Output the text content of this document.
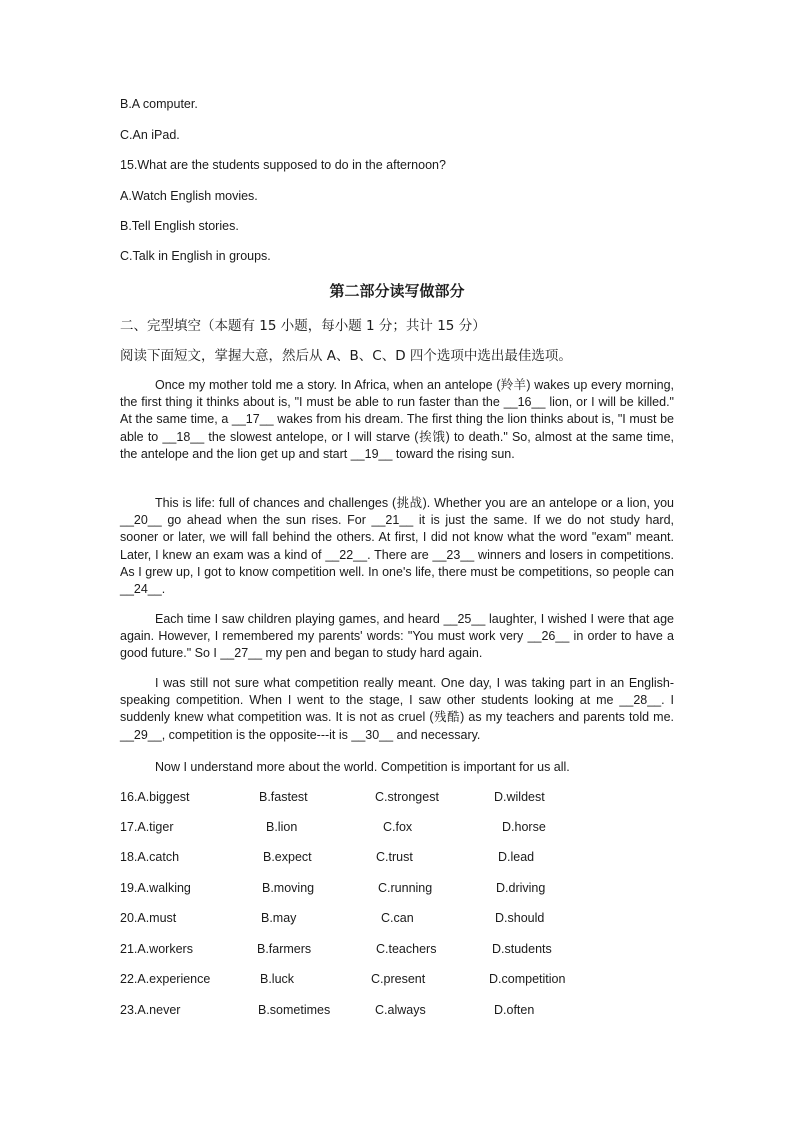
B.A computer.
C.An iPad.
15.What are the students supposed to do in the afternoon?
A.Watch English movies.
B.Tell English stories.
C.Talk in English in groups.
第二部分读写做部分
二、完型填空（本题有 15 小题，每小题 1 分；共计 15 分）
阅读下面短文，掌握大意，然后从 A、B、C、D 四个选项中选出最佳选项。

Once my mother told me a story. In Africa, when an antelope (羚羊) wakes up every morning, the first thing it thinks about is, "I must be able to run faster than the __16__ lion, or I will be killed." At the same time, a __17__ wakes from his dream. The first thing the lion thinks about is, "I must be able to __18__ the slowest antelope, or I will starve (挨饿) to death." So, almost at the same time, the antelope and the lion get up and start __19__ toward the rising sun.

This is life: full of chances and challenges (挑战). Whether you are an antelope or a lion, you __20__ go ahead when the sun rises. For __21__ it is just the same. If we do not study hard, sooner or later, we will fall behind the others. At first, I did not know what the word "exam" meant. Later, I knew an exam was a kind of __22__. There are __23__ winners and losers in competitions. As I grew up, I got to know competition well. In one's life, there must be competitions, so people can __24__.

Each time I saw children playing games, and heard __25__ laughter, I wished I were that age again. However, I remembered my parents' words: "You must work very __26__ in order to have a good future." So I __27__ my pen and began to study hard again.

I was still not sure what competition really meant. One day, I was taking part in an English-speaking competition. When I went to the stage, I saw other students looking at me __28__. I suddenly knew what competition was. It is not as cruel (残酷) as my teachers and parents told me. __29__, competition is the opposite---it is __30__ and necessary.

Now I understand more about the world. Competition is important for us all.

16.A.biggest	B.fastest	C.strongest	D.wildest
17.A.tiger	B.lion	C.fox	D.horse
18.A.catch	B.expect	C.trust	D.lead
19.A.walking	B.moving	C.running	D.driving
20.A.must	B.may	C.can	D.should
21.A.workers	B.farmers	C.teachers	D.students
22.A.experience	B.luck	C.present	D.competition
23.A.never	B.sometimes	C.always	D.often
